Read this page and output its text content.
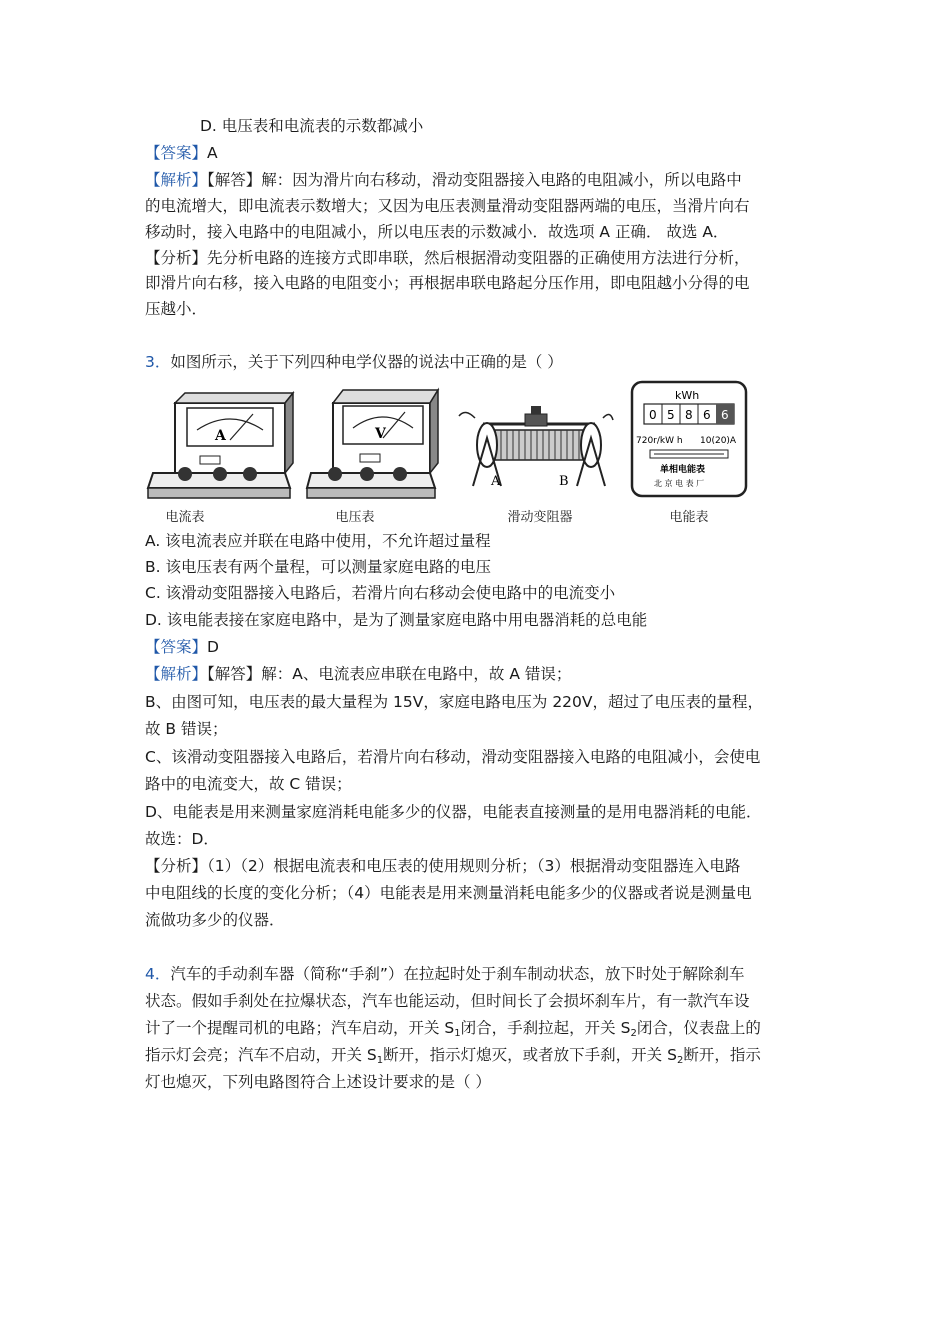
D. 电压表和电流表的示数都减小
【答案】A
【解析】【解答】解：因为滑片向右移动，滑动变阻器接入电路的电阻减小，所以电路中
的电流增大，即电流表示数增大；又因为电压表测量滑动变阻器两端的电压，当滑片向右
移动时，接入电路中的电阻减小，所以电压表的示数减小．故选项 A 正确． 故选 A．
【分析】先分析电路的连接方式即串联，然后根据滑动变阻器的正确使用方法进行分析，
即滑片向右移，接入电路的电阻变小；再根据串联电路起分压作用，即电阻越小分得的电
压越小．
3．如图所示，关于下列四种电学仪器的说法中正确的是（ ）
A
电流表
V
电压表
A	B
滑动变阻器
kWh
0 5 8 6 6
720r/kW h 10(20)A
单相电能表
北 京 电 表 厂
电能表
A. 该电流表应并联在电路中使用，不允许超过量程
B. 该电压表有两个量程，可以测量家庭电路的电压
C. 该滑动变阻器接入电路后，若滑片向右移动会使电路中的电流变小
D. 该电能表接在家庭电路中，是为了测量家庭电路中用电器消耗的总电能
【答案】D
【解析】【解答】解：A、电流表应串联在电路中，故 A 错误；
B、由图可知，电压表的最大量程为 15V，家庭电路电压为 220V，超过了电压表的量程，
故 B 错误；
C、该滑动变阻器接入电路后，若滑片向右移动，滑动变阻器接入电路的电阻减小，会使电
路中的电流变大，故 C 错误；
D、电能表是用来测量家庭消耗电能多少的仪器，电能表直接测量的是用电器消耗的电能．
故选：D．
【分析】（1）（2）根据电流表和电压表的使用规则分析；（3）根据滑动变阻器连入电路
中电阻线的长度的变化分析；（4）电能表是用来测量消耗电能多少的仪器或者说是测量电
流做功多少的仪器．
4．汽车的手动刹车器（简称“手刹”）在拉起时处于刹车制动状态，放下时处于解除刹车
状态。假如手刹处在拉爆状态，汽车也能运动，但时间长了会损坏刹车片，有一款汽车设
计了一个提醒司机的电路；汽车启动，开关 $S_1$闭合，手刹拉起，开关 $S_2$闭合，仪表盘上的
指示灯会亮；汽车不启动，开关 $S_1$断开，指示灯熄灭，或者放下手刹，开关 $S_2$断开，指示
灯也熄灭，下列电路图符合上述设计要求的是（ ）
